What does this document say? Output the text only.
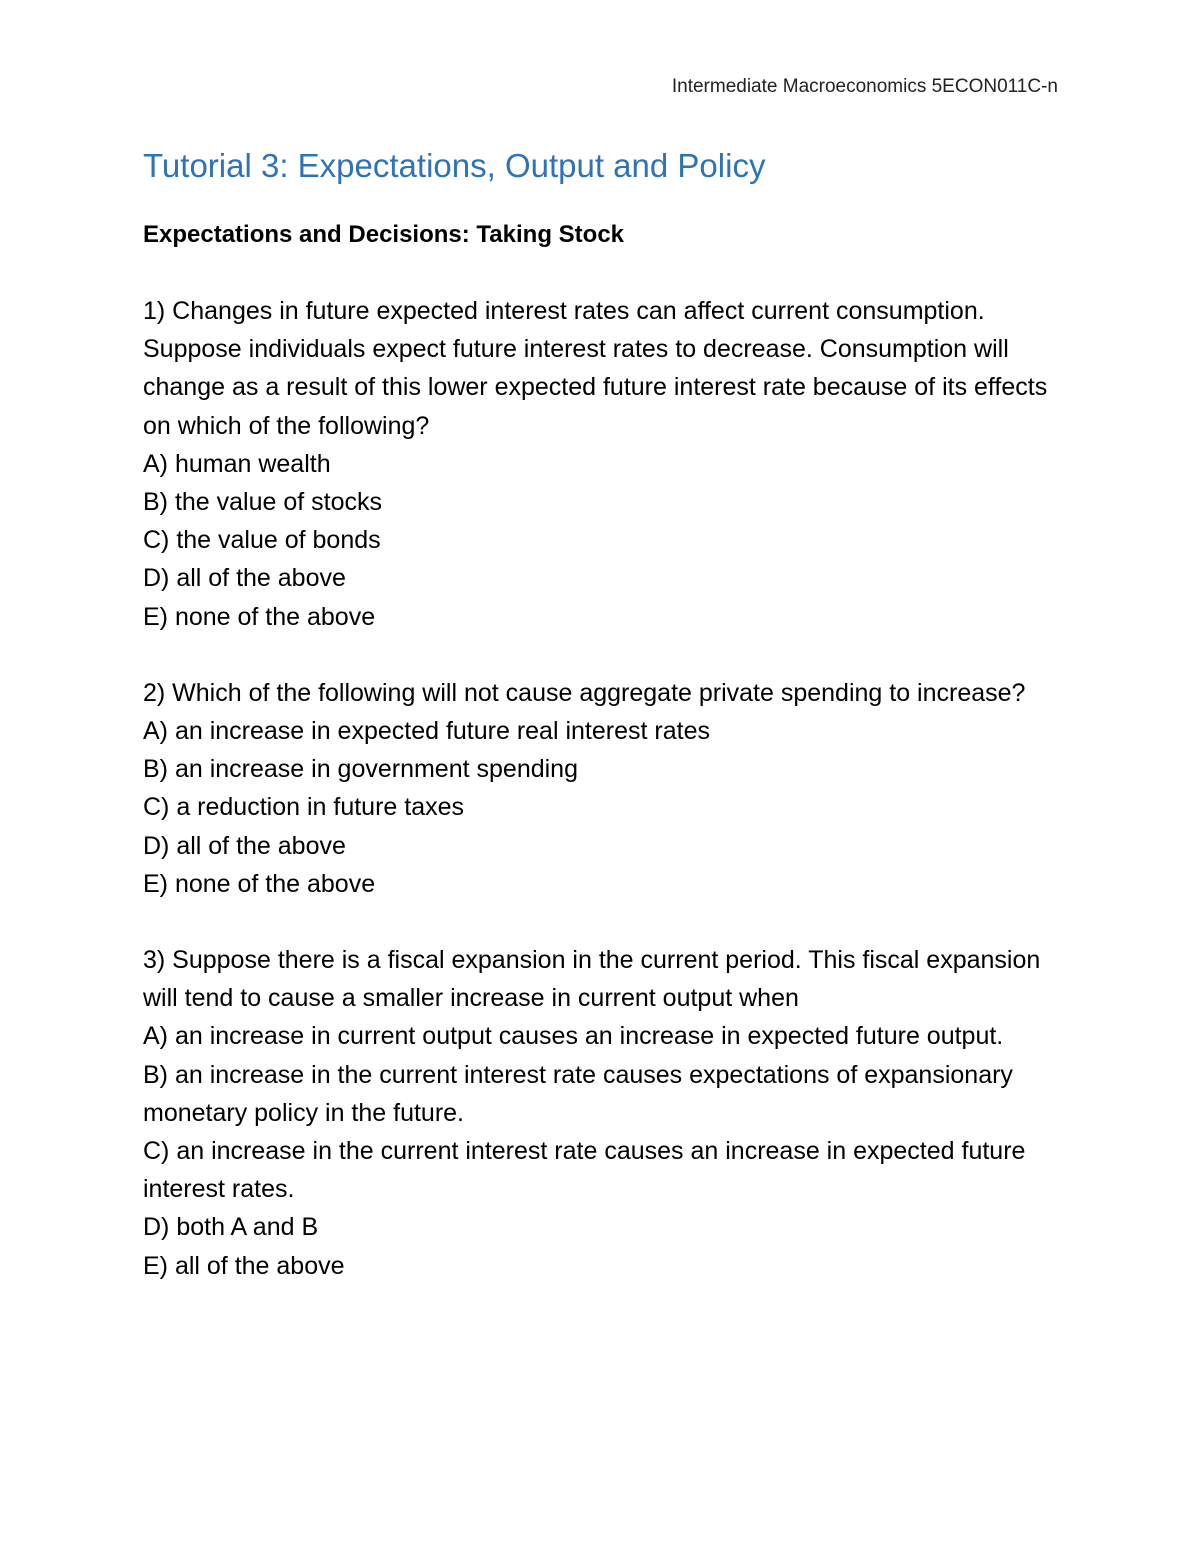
Intermediate Macroeconomics 5ECON011C-n
Tutorial 3: Expectations, Output and Policy
Expectations and Decisions: Taking Stock

1) Changes in future expected interest rates can affect current consumption. Suppose individuals expect future interest rates to decrease. Consumption will change as a result of this lower expected future interest rate because of its effects on which of the following?

A) human wealth
B) the value of stocks
C) the value of bonds
D) all of the above
E) none of the above

2) Which of the following will not cause aggregate private spending to increase?

A) an increase in expected future real interest rates
B) an increase in government spending
C) a reduction in future taxes
D) all of the above
E) none of the above

3) Suppose there is a fiscal expansion in the current period. This fiscal expansion will tend to cause a smaller increase in current output when

A) an increase in current output causes an increase in expected future output.
B) an increase in the current interest rate causes expectations of expansionary monetary policy in the future.
C) an increase in the current interest rate causes an increase in expected future interest rates.
D) both A and B
E) all of the above
